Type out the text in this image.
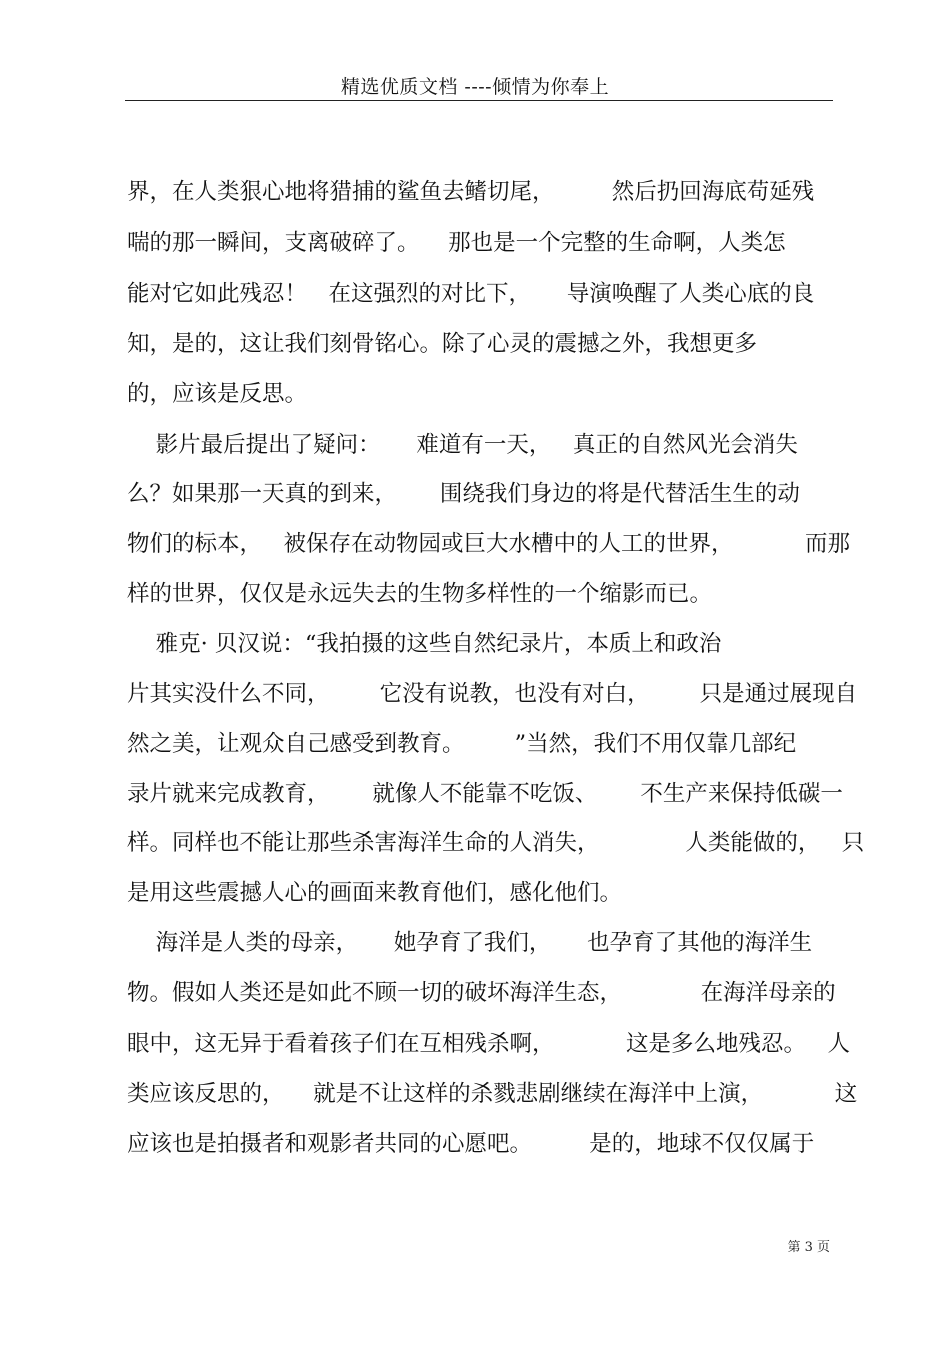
精选优质文档 ----倾情为你奉上
界，在人类狠心地将猎捕的鲨鱼去鳍切尾，        然后扔回海底苟延残
喘的那一瞬间，支离破碎了。    那也是一个完整的生命啊，人类怎
能对它如此残忍！   在这强烈的对比下，     导演唤醒了人类心底的良
知，是的，这让我们刻骨铭心。除了心灵的震撼之外，我想更多
的，应该是反思。
影片最后提出了疑问：     难道有一天，   真正的自然风光会消失
么？如果那一天真的到来，      围绕我们身边的将是代替活生生的动
物们的标本，   被保存在动物园或巨大水槽中的人工的世界，          而那
样的世界，仅仅是永远失去的生物多样性的一个缩影而已。
雅克· 贝汉说：“我拍摄的这些自然纪录片，本质上和政治
片其实没什么不同，       它没有说教，也没有对白，       只是通过展现自
然之美，让观众自己感受到教育。       ”当然，我们不用仅靠几部纪
录片就来完成教育，      就像人不能靠不吃饭、      不生产来保持低碳一
样。同样也不能让那些杀害海洋生命的人消失，            人类能做的，   只
是用这些震撼人心的画面来教育他们，感化他们。
海洋是人类的母亲，     她孕育了我们，     也孕育了其他的海洋生
物。假如人类还是如此不顾一切的破坏海洋生态，           在海洋母亲的
眼中，这无异于看着孩子们在互相残杀啊，          这是多么地残忍。   人
类应该反思的，    就是不让这样的杀戮悲剧继续在海洋中上演，          这
应该也是拍摄者和观影者共同的心愿吧。        是的，地球不仅仅属于
第 3 页
